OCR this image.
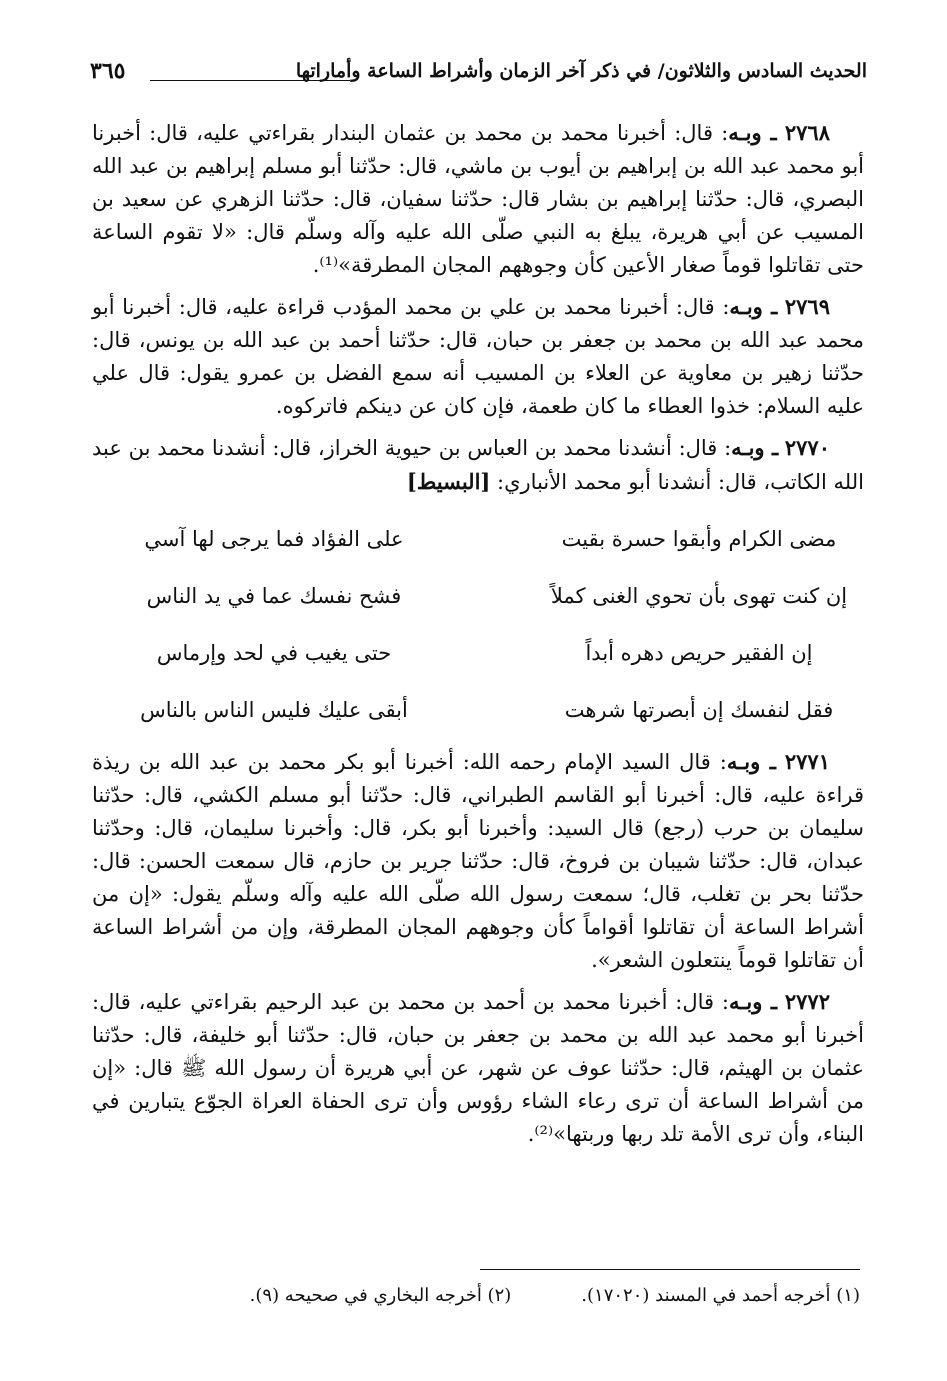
الحديث السادس والثلاثون/ في ذكر آخر الزمان وأشراط الساعة وأماراتها
٣٦٥

٢٧٦٨ ـ وبـه: قال: أخبرنا محمد بن محمد بن عثمان البندار بقراءتي عليه، قال: أخبرنا أبو محمد عبد الله بن إبراهيم بن أيوب بن ماشي، قال: حدّثنا أبو مسلم إبراهيم بن عبد الله البصري، قال: حدّثنا إبراهيم بن بشار قال: حدّثنا سفيان، قال: حدّثنا الزهري عن سعيد بن المسيب عن أبي هريرة، يبلغ به النبي صلّى الله عليه وآله وسلّم قال: «لا تقوم الساعة حتى تقاتلوا قوماً صغار الأعين كأن وجوههم المجان المطرقة»⁽¹⁾.

٢٧٦٩ ـ وبـه: قال: أخبرنا محمد بن علي بن محمد المؤدب قراءة عليه، قال: أخبرنا أبو محمد عبد الله بن محمد بن جعفر بن حبان، قال: حدّثنا أحمد بن عبد الله بن يونس، قال: حدّثنا زهير بن معاوية عن العلاء بن المسيب أنه سمع الفضل بن عمرو يقول: قال علي عليه السلام: خذوا العطاء ما كان طعمة، فإن كان عن دينكم فاتركوه.

٢٧٧٠ ـ وبـه: قال: أنشدنا محمد بن العباس بن حيوية الخراز، قال: أنشدنا محمد بن عبد الله الكاتب، قال: أنشدنا أبو محمد الأنباري: [البسيط]

مضى الكرام وأبقوا حسرة بقيت
على الفؤاد فما يرجى لها آسي
إن كنت تهوى بأن تحوي الغنى كملاً
فشح نفسك عما في يد الناس
إن الفقير حريص دهره أبداً
حتى يغيب في لحد وإرماس
فقل لنفسك إن أبصرتها شرهت
أبقى عليك فليس الناس بالناس

٢٧٧١ ـ وبـه: قال السيد الإمام رحمه الله: أخبرنا أبو بكر محمد بن عبد الله بن ريذة قراءة عليه، قال: أخبرنا أبو القاسم الطبراني، قال: حدّثنا أبو مسلم الكشي، قال: حدّثنا سليمان بن حرب (رجع) قال السيد: وأخبرنا أبو بكر، قال: وأخبرنا سليمان، قال: وحدّثنا عبدان، قال: حدّثنا شيبان بن فروخ، قال: حدّثنا جرير بن حازم، قال سمعت الحسن: قال: حدّثنا بحر بن تغلب، قال؛ سمعت رسول الله صلّى الله عليه وآله وسلّم يقول: «إن من أشراط الساعة أن تقاتلوا أقواماً كأن وجوههم المجان المطرقة، وإن من أشراط الساعة أن تقاتلوا قوماً ينتعلون الشعر».

٢٧٧٢ ـ وبـه: قال: أخبرنا محمد بن أحمد بن محمد بن عبد الرحيم بقراءتي عليه، قال: أخبرنا أبو محمد عبد الله بن محمد بن جعفر بن حبان، قال: حدّثنا أبو خليفة، قال: حدّثنا عثمان بن الهيثم، قال: حدّثنا عوف عن شهر، عن أبي هريرة أن رسول الله ﷺ قال: «إن من أشراط الساعة أن ترى رعاء الشاء رؤوس وأن ترى الحفاة العراة الجوّع يتبارين في البناء، وأن ترى الأمة تلد ربها وربتها»⁽²⁾.

(١) أخرجه أحمد في المسند (١٧٠٢٠).
(٢) أخرجه البخاري في صحيحه (٩).
